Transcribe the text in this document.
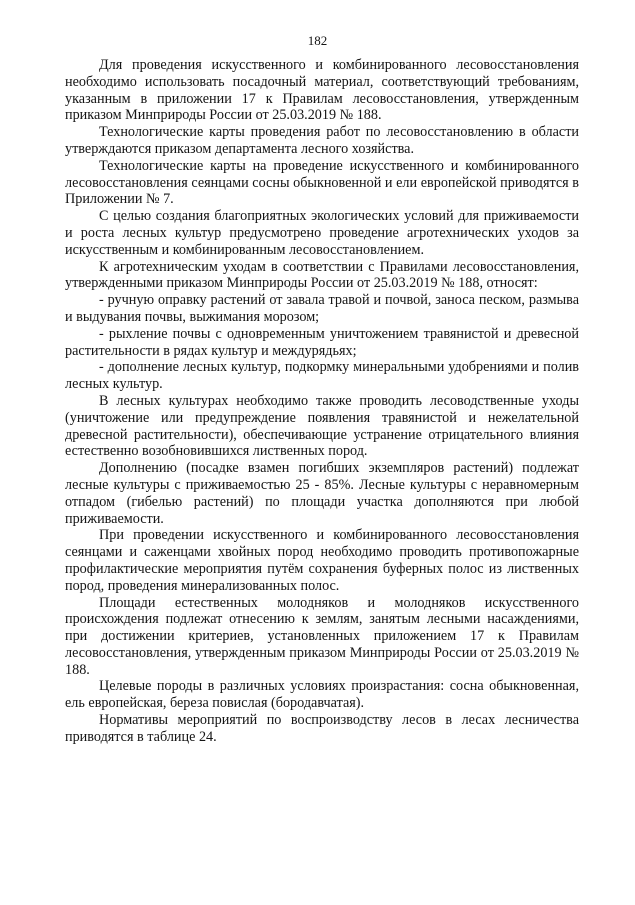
182

Для проведения искусственного и комбинированного лесовосстановления необходимо использовать посадочный материал, соответствующий требованиям, указанным в приложении 17 к Правилам лесовосстановления, утвержденным приказом Минприроды России от 25.03.2019 № 188.

Технологические карты проведения работ по лесовосстановлению в области утверждаются приказом департамента лесного хозяйства.

Технологические карты на проведение искусственного и комбинированного лесовосстановления сеянцами сосны обыкновенной и ели европейской приводятся в Приложении № 7.

С целью создания благоприятных экологических условий для приживаемости и роста лесных культур предусмотрено проведение агротехнических уходов за искусственным и комбинированным лесовосстановлением.

К агротехническим уходам в соответствии с Правилами лесовосстановления, утвержденными приказом Минприроды России от 25.03.2019 № 188, относят:

- ручную оправку растений от завала травой и почвой, заноса песком, размыва и выдувания почвы, выжимания морозом;

- рыхление почвы с одновременным уничтожением травянистой и древесной растительности в рядах культур и междурядьях;

- дополнение лесных культур, подкормку минеральными удобрениями и полив лесных культур.

В лесных культурах необходимо также проводить лесоводственные уходы (уничтожение или предупреждение появления травянистой и нежелательной древесной растительности), обеспечивающие устранение отрицательного влияния естественно возобновившихся лиственных пород.

Дополнению (посадке взамен погибших экземпляров растений) подлежат лесные культуры с приживаемостью 25 - 85%. Лесные культуры с неравномерным отпадом (гибелью растений) по площади участка дополняются при любой приживаемости.

При проведении искусственного и комбинированного лесовосстановления сеянцами и саженцами хвойных пород необходимо проводить противопожарные профилактические мероприятия путём сохранения буферных полос из лиственных пород, проведения минерализованных полос.

Площади естественных молодняков и молодняков искусственного происхождения подлежат отнесению к землям, занятым лесными насаждениями, при достижении критериев, установленных приложением 17 к Правилам лесовосстановления, утвержденным приказом Минприроды России от 25.03.2019 № 188.

Целевые породы в различных условиях произрастания: сосна обыкновенная, ель европейская, береза повислая (бородавчатая).

Нормативы мероприятий по воспроизводству лесов в лесах лесничества приводятся в таблице 24.
